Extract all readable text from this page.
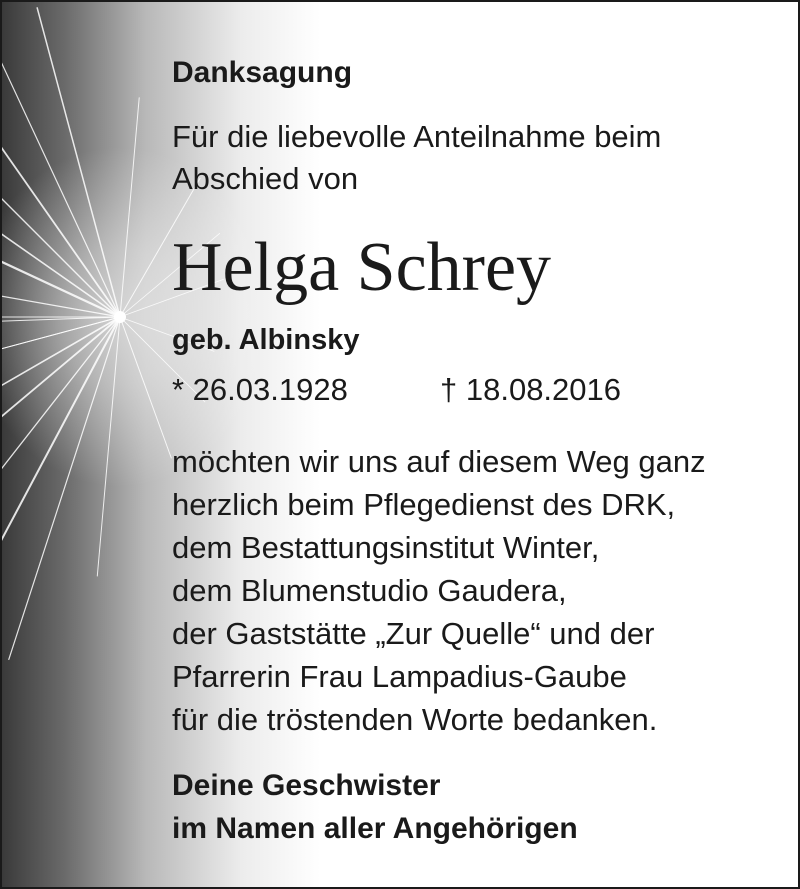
Danksagung
Für die liebevolle Anteilnahme beim
Abschied von
Helga Schrey
geb. Albinsky
* 26.03.1928	† 18.08.2016
möchten wir uns auf diesem Weg ganz
herzlich beim Pflegedienst des DRK,
dem Bestattungsinstitut Winter,
dem Blumenstudio Gaudera,
der Gaststätte „Zur Quelle“ und der
Pfarrerin Frau Lampadius-Gaube
für die tröstenden Worte bedanken.
Deine Geschwister
im Namen aller Angehörigen
